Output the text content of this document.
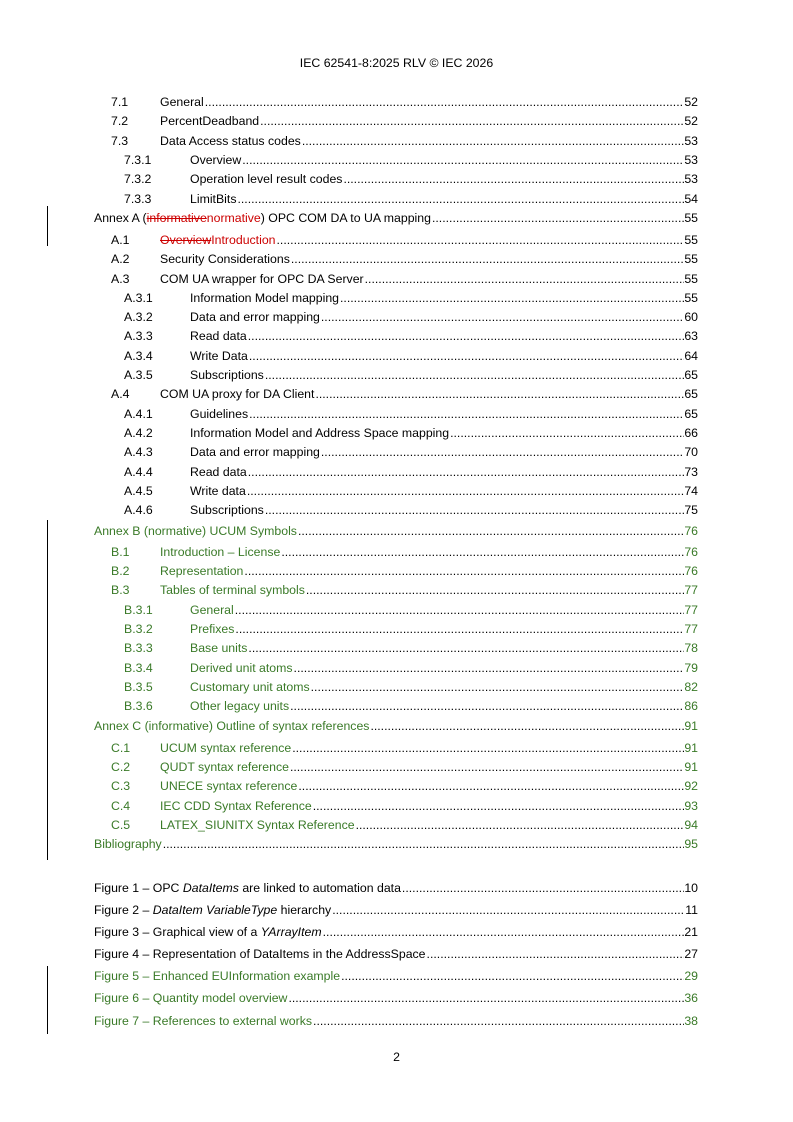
IEC 62541-8:2025 RLV © IEC 2026
7.1	General .....	52
7.2	PercentDeadband .....	52
7.3	Data Access status codes .....	53
7.3.1	Overview .....	53
7.3.2	Operation level result codes .....	53
7.3.3	LimitBits .....	54
Annex A (informativenormative) OPC COM DA to UA mapping .....	55
A.1 OverviewIntroduction .....	55
A.2 Security Considerations .....	55
A.3 COM UA wrapper for OPC DA Server .....	55
A.3.1	Information Model mapping .....	55
A.3.2	Data and error mapping .....	60
A.3.3	Read data .....	63
A.3.4	Write Data .....	64
A.3.5	Subscriptions .....	65
A.4 COM UA proxy for DA Client .....	65
A.4.1	Guidelines .....	65
A.4.2	Information Model and Address Space mapping .....	66
A.4.3	Data and error mapping .....	70
A.4.4	Read data .....	73
A.4.5	Write data .....	74
A.4.6	Subscriptions .....	75
Annex B (normative) UCUM Symbols .....	76
B.1 Introduction – License .....	76
B.2 Representation .....	76
B.3 Tables of terminal symbols .....	77
B.3.1	General .....	77
B.3.2	Prefixes .....	77
B.3.3	Base units .....	78
B.3.4	Derived unit atoms .....	79
B.3.5	Customary unit atoms .....	82
B.3.6	Other legacy units .....	86
Annex C (informative) Outline of syntax references .....	91
C.1 UCUM syntax reference .....	91
C.2 QUDT syntax reference .....	91
C.3 UNECE syntax reference .....	92
C.4 IEC CDD Syntax Reference .....	93
C.5 LATEX_SIUNITX Syntax Reference .....	94
Bibliography .....	95
Figure 1 – OPC DataItems are linked to automation data .....	10
Figure 2 – DataItem VariableType hierarchy .....	11
Figure 3 – Graphical view of a YArrayItem .....	21
Figure 4 – Representation of DataItems in the AddressSpace .....	27
Figure 5 – Enhanced EUInformation example .....	29
Figure 6 – Quantity model overview .....	36
Figure 7 – References to external works .....	38
2
